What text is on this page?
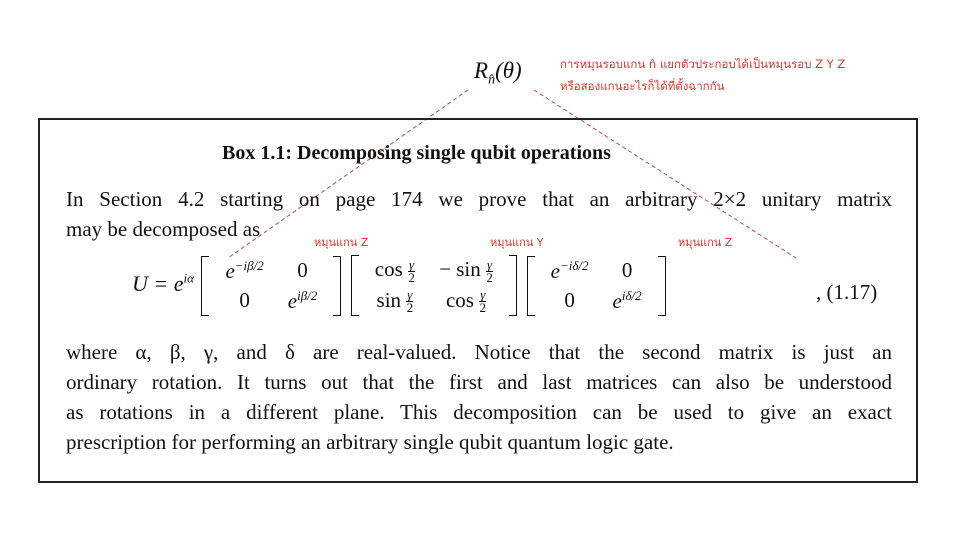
$R_{n̂}(\theta)$	การหมุนรอบแกน n̂ แยกตัวประกอบได้เป็นหมุนรอบ Z Y Z
หรือสองแกนอะไรก็ได้ที่ตั้งฉากกัน
Box 1.1: Decomposing single qubit operations
In Section 4.2 starting on page 174 we prove that an arbitrary 2×2 unitary matrix
may be decomposed as
หมุนแกน Z	หมุนแกน Y	หมุนแกน Z
$U = e^{i\alpha}$ $e^{-i\beta/2}$	0
0	$e^{i\beta/2}$

$\cos \frac{\gamma}{2}$	− $\sin \frac{\gamma}{2}$

$\sin \frac{\gamma}{2}$	$\cos \frac{\gamma}{2}$

$e^{-i\delta/2}$	0
0	$e^{i\delta/2}$	, (1.17)
where α, β, γ, and δ are real-valued. Notice that the second matrix is just an
ordinary rotation. It turns out that the first and last matrices can also be understood
as rotations in a different plane. This decomposition can be used to give an exact
prescription for performing an arbitrary single qubit quantum logic gate.
